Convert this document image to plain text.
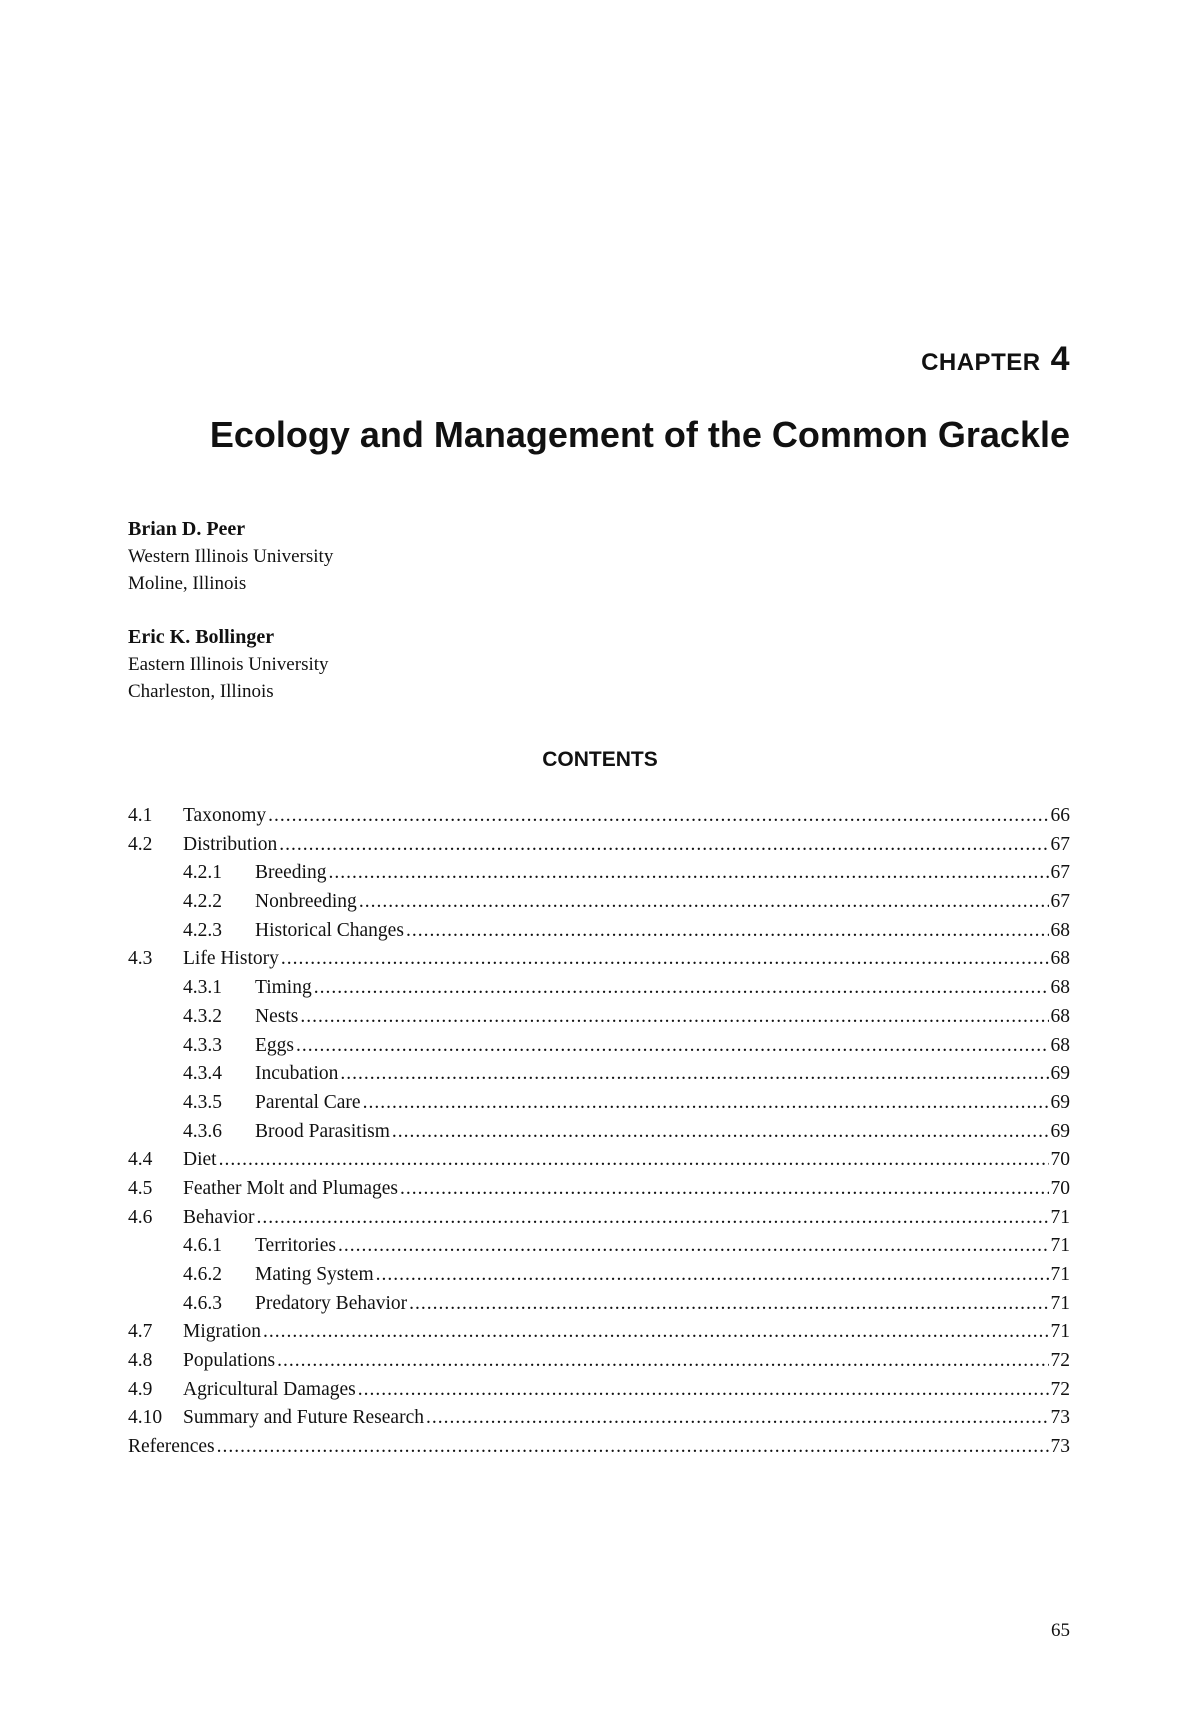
CHAPTER 4
Ecology and Management of the Common Grackle
Brian D. Peer
Western Illinois University
Moline, Illinois
Eric K. Bollinger
Eastern Illinois University
Charleston, Illinois
CONTENTS
4.1	Taxonomy .....	66
4.2	Distribution .....	67
4.2.1	Breeding .....	67
4.2.2	Nonbreeding .....	67
4.2.3	Historical Changes .....	68
4.3	Life History .....	68
4.3.1	Timing .....	68
4.3.2	Nests .....	68
4.3.3	Eggs .....	68
4.3.4	Incubation .....	69
4.3.5	Parental Care .....	69
4.3.6	Brood Parasitism .....	69
4.4	Diet .....	70
4.5	Feather Molt and Plumages .....	70
4.6	Behavior .....	71
4.6.1	Territories .....	71
4.6.2	Mating System .....	71
4.6.3	Predatory Behavior .....	71
4.7	Migration .....	71
4.8	Populations .....	72
4.9	Agricultural Damages .....	72
4.10	Summary and Future Research .....	73
References .....	73
65
